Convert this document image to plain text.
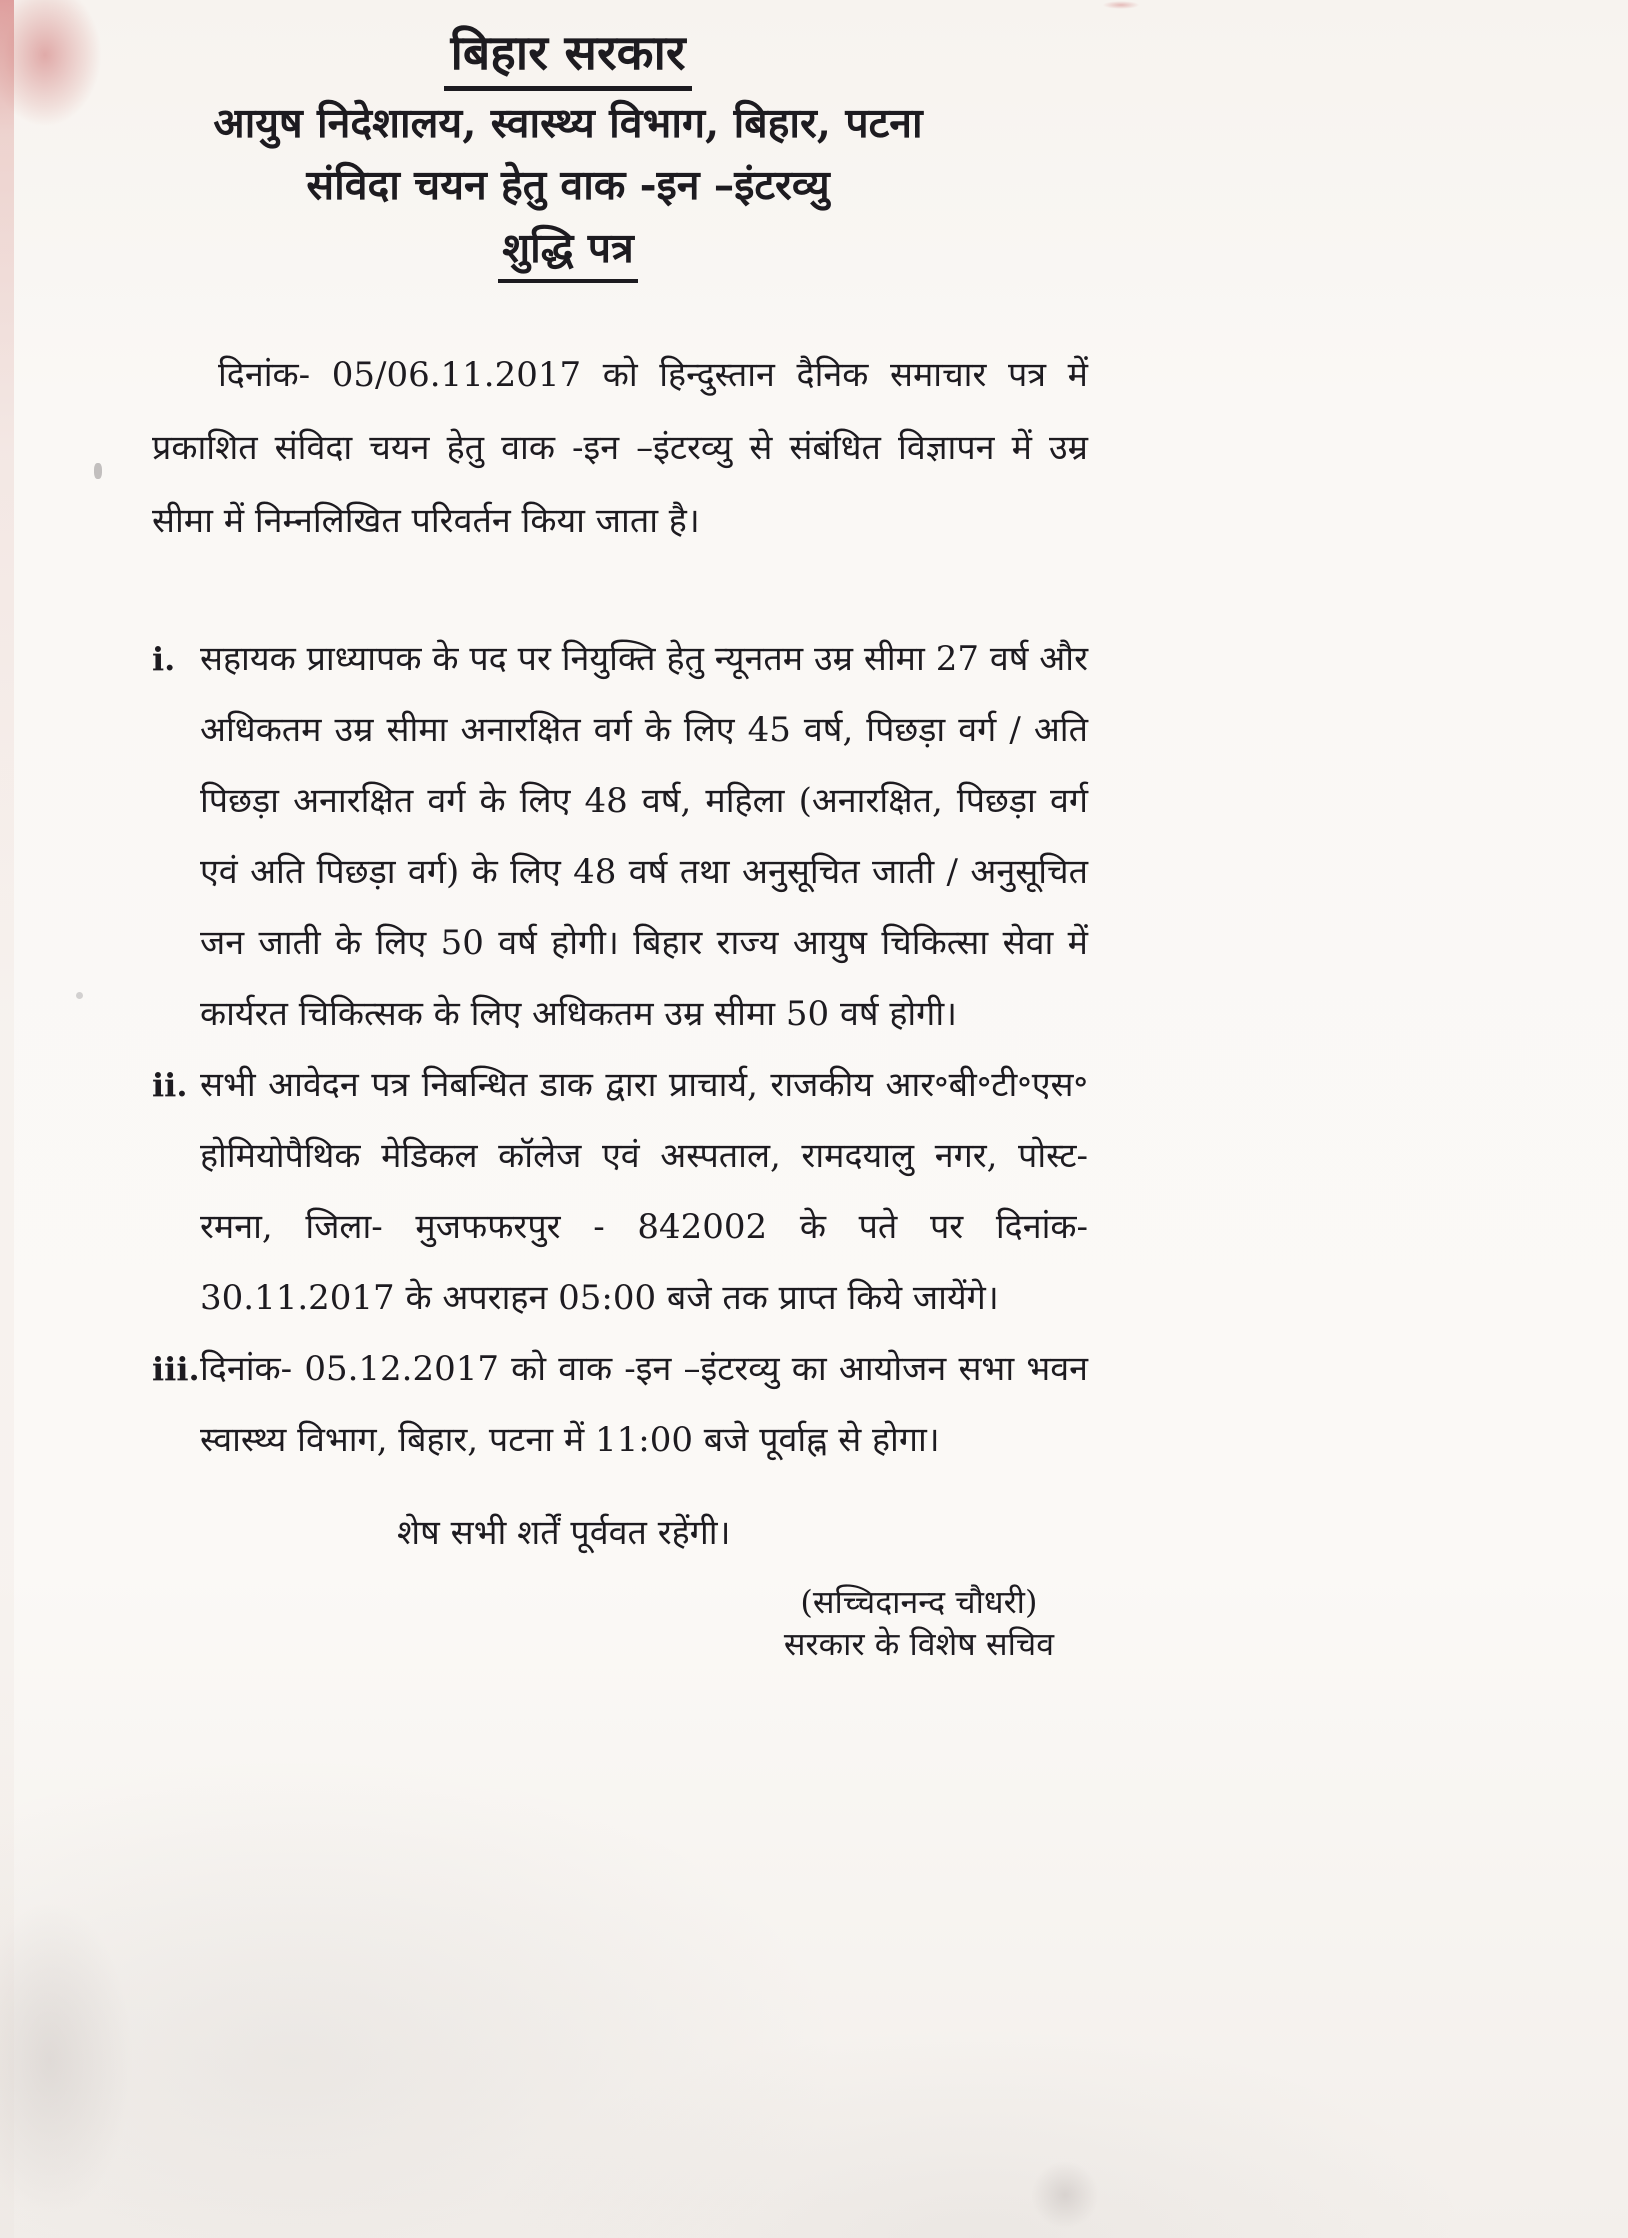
बिहार सरकार
आयुष निदेशालय, स्वास्थ्य विभाग, बिहार, पटना
संविदा चयन हेतु वाक -इन –इंटरव्यु
शुद्धि पत्र

दिनांक- 05/06.11.2017 को हिन्दुस्तान दैनिक समाचार पत्र में प्रकाशित संविदा चयन हेतु वाक -इन –इंटरव्यु से संबंधित विज्ञापन में उम्र सीमा में निम्नलिखित परिवर्तन किया जाता है।

i. सहायक प्राध्यापक के पद पर नियुक्ति हेतु न्यूनतम उम्र सीमा 27 वर्ष और अधिकतम उम्र सीमा अनारक्षित वर्ग के लिए 45 वर्ष, पिछड़ा वर्ग / अति पिछड़ा अनारक्षित वर्ग के लिए 48 वर्ष, महिला (अनारक्षित, पिछड़ा वर्ग एवं अति पिछड़ा वर्ग) के लिए 48 वर्ष तथा अनुसूचित जाती / अनुसूचित जन जाती के लिए 50 वर्ष होगी। बिहार राज्य आयुष चिकित्सा सेवा में कार्यरत चिकित्सक के लिए अधिकतम उम्र सीमा 50 वर्ष होगी।
ii. सभी आवेदन पत्र निबन्धित डाक द्वारा प्राचार्य, राजकीय आर॰बी॰टी॰एस॰ होमियोपैथिक मेडिकल कॉलेज एवं अस्पताल, रामदयालु नगर, पोस्ट- रमना, जिला- मुजफफरपुर - 842002 के पते पर दिनांक- 30.11.2017 के अपराहन 05:00 बजे तक प्राप्त किये जायेंगे।
iii. दिनांक- 05.12.2017 को वाक -इन –इंटरव्यु का आयोजन सभा भवन स्वास्थ्य विभाग, बिहार, पटना में 11:00 बजे पूर्वाह्न से होगा।

शेष सभी शर्तें पूर्ववत रहेंगी।

(सच्चिदानन्द चौधरी)
सरकार के विशेष सचिव
